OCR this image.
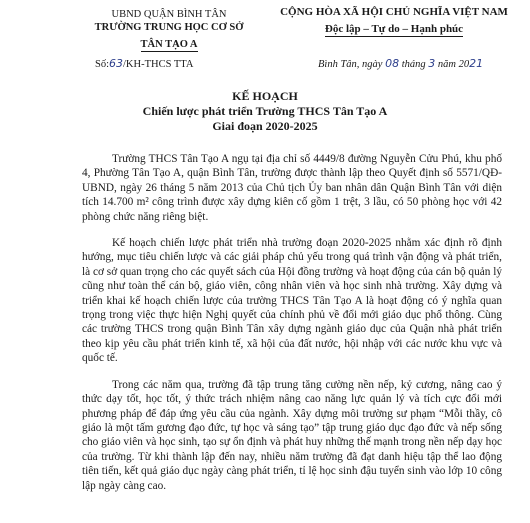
UBND QUẬN BÌNH TÂN
TRƯỜNG TRUNG HỌC CƠ SỞ
TÂN TẠO A
CỘNG HÒA XÃ HỘI CHỦ NGHĨA VIỆT NAM
Độc lập – Tự do – Hạnh phúc
Số:63/KH-THCS TTA	Bình Tân, ngày 08 tháng 3 năm 2021
KẾ HOẠCH
Chiến lược phát triển Trường THCS Tân Tạo A
Giai đoạn 2020-2025

Trường THCS Tân Tạo A ngụ tại địa chỉ số 4449/8 đường Nguyễn Cửu Phú, khu phố 4, Phường Tân Tạo A, quận Bình Tân, trường được thành lập theo Quyết định số 5571/QĐ-UBND, ngày 26 tháng 5 năm 2013 của Chủ tịch Ủy ban nhân dân Quận Bình Tân với diện tích 14.700 m² công trình được xây dựng kiên cố gồm 1 trệt, 3 lầu, có 50 phòng học với 42 phòng chức năng riêng biệt.

Kế hoạch chiến lược phát triển nhà trường đoạn 2020-2025 nhằm xác định rõ định hướng, mục tiêu chiến lược và các giải pháp chủ yếu trong quá trình vận động và phát triển, là cơ sở quan trọng cho các quyết sách của Hội đồng trường và hoạt động của cán bộ quản lý cũng như toàn thể cán bộ, giáo viên, công nhân viên và học sinh nhà trường. Xây dựng và triển khai kế hoạch chiến lược của trường THCS Tân Tạo A là hoạt động có ý nghĩa quan trọng trong việc thực hiện Nghị quyết của chính phủ về đổi mới giáo dục phổ thông. Cùng các trường THCS trong quận Bình Tân xây dựng ngành giáo dục của Quận nhà phát triển theo kịp yêu cầu phát triển kinh tế, xã hội của đất nước, hội nhập với các nước khu vực và quốc tế.

Trong các năm qua, trường đã tập trung tăng cường nền nếp, kỷ cương, nâng cao ý thức dạy tốt, học tốt, ý thức trách nhiệm nâng cao năng lực quản lý và tích cực đổi mới phương pháp để đáp ứng yêu cầu của ngành. Xây dựng môi trường sư phạm “Mỗi thầy, cô giáo là một tấm gương đạo đức, tự học và sáng tạo” tập trung giáo dục đạo đức và nếp sống cho giáo viên và học sinh, tạo sự ổn định và phát huy những thế mạnh trong nền nếp dạy học của trường. Từ khi thành lập đến nay, nhiều năm trường đã đạt danh hiệu tập thể lao động tiên tiến, kết quả giáo dục ngày càng phát triển, tỉ lệ học sinh đậu tuyển sinh vào lớp 10 công lập ngày càng cao.
